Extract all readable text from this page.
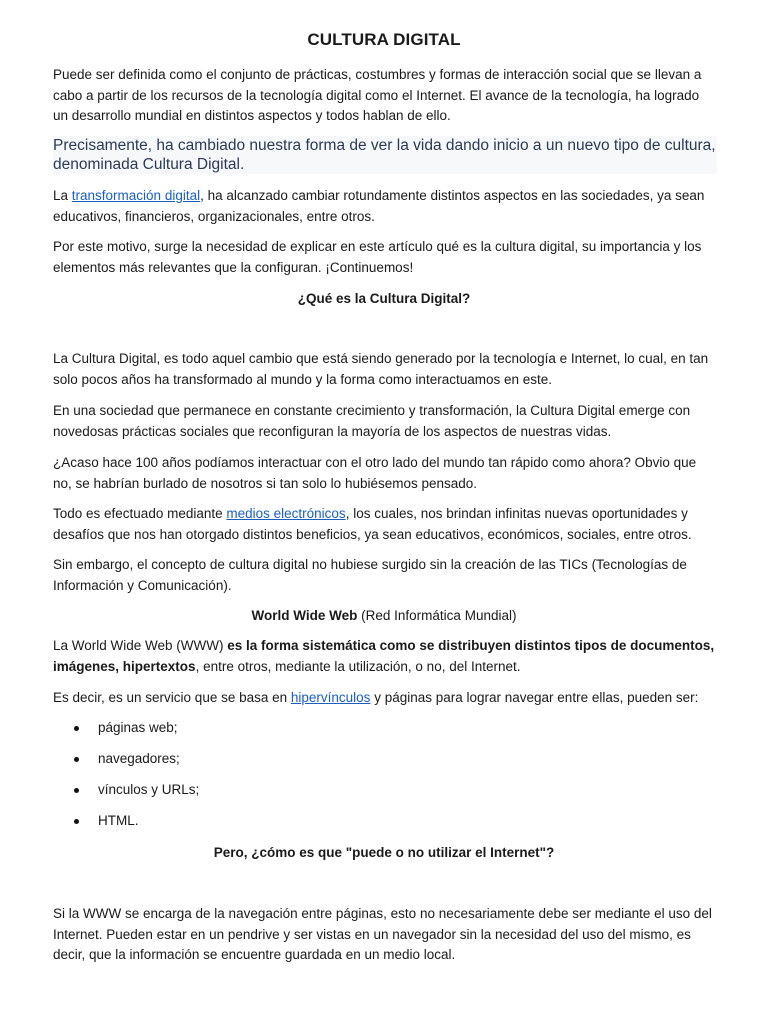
CULTURA DIGITAL

Puede ser definida como el conjunto de prácticas, costumbres y formas de interacción social que se llevan a cabo a partir de los recursos de la tecnología digital como el Internet. El avance de la tecnología, ha logrado un desarrollo mundial en distintos aspectos y todos hablan de ello.

Precisamente, ha cambiado nuestra forma de ver la vida dando inicio a un nuevo tipo de cultura, denominada Cultura Digital.

La transformación digital, ha alcanzado cambiar rotundamente distintos aspectos en las sociedades, ya sean educativos, financieros, organizacionales, entre otros.

Por este motivo, surge la necesidad de explicar en este artículo qué es la cultura digital, su importancia y los elementos más relevantes que la configuran. ¡Continuemos!

¿Qué es la Cultura Digital?

La Cultura Digital, es todo aquel cambio que está siendo generado por la tecnología e Internet, lo cual, en tan solo pocos años ha transformado al mundo y la forma como interactuamos en este.

En una sociedad que permanece en constante crecimiento y transformación, la Cultura Digital emerge con novedosas prácticas sociales que reconfiguran la mayoría de los aspectos de nuestras vidas.

¿Acaso hace 100 años podíamos interactuar con el otro lado del mundo tan rápido como ahora? Obvio que no, se habrían burlado de nosotros si tan solo lo hubiésemos pensado.

Todo es efectuado mediante medios electrónicos, los cuales, nos brindan infinitas nuevas oportunidades y desafíos que nos han otorgado distintos beneficios, ya sean educativos, económicos, sociales, entre otros.

Sin embargo, el concepto de cultura digital no hubiese surgido sin la creación de las TICs (Tecnologías de Información y Comunicación).

World Wide Web (Red Informática Mundial)

La World Wide Web (WWW) es la forma sistemática como se distribuyen distintos tipos de documentos, imágenes, hipertextos, entre otros, mediante la utilización, o no, del Internet.

Es decir, es un servicio que se basa en hipervínculos y páginas para lograr navegar entre ellas, pueden ser:

páginas web;
navegadores;
vínculos y URLs;
HTML.

Pero, ¿cómo es que "puede o no utilizar el Internet"?

Si la WWW se encarga de la navegación entre páginas, esto no necesariamente debe ser mediante el uso del Internet. Pueden estar en un pendrive y ser vistas en un navegador sin la necesidad del uso del mismo, es decir, que la información se encuentre guardada en un medio local.
